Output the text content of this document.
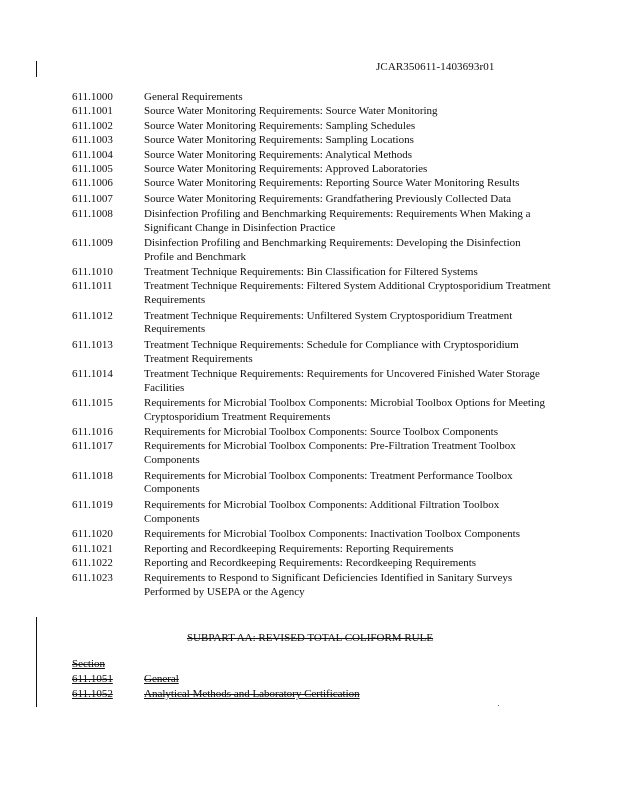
JCAR350611-1403693r01
611.1000	General Requirements
611.1001	Source Water Monitoring Requirements: Source Water Monitoring
611.1002	Source Water Monitoring Requirements: Sampling Schedules
611.1003	Source Water Monitoring Requirements: Sampling Locations
611.1004	Source Water Monitoring Requirements: Analytical Methods
611.1005	Source Water Monitoring Requirements: Approved Laboratories
611.1006	Source Water Monitoring Requirements: Reporting Source Water Monitoring Results
611.1007	Source Water Monitoring Requirements: Grandfathering Previously Collected Data
611.1008	Disinfection Profiling and Benchmarking Requirements: Requirements When Making a Significant Change in Disinfection Practice
611.1009	Disinfection Profiling and Benchmarking Requirements: Developing the Disinfection Profile and Benchmark
611.1010	Treatment Technique Requirements: Bin Classification for Filtered Systems
611.1011	Treatment Technique Requirements: Filtered System Additional Cryptosporidium Treatment Requirements
611.1012	Treatment Technique Requirements: Unfiltered System Cryptosporidium Treatment Requirements
611.1013	Treatment Technique Requirements: Schedule for Compliance with Cryptosporidium Treatment Requirements
611.1014	Treatment Technique Requirements: Requirements for Uncovered Finished Water Storage Facilities
611.1015	Requirements for Microbial Toolbox Components: Microbial Toolbox Options for Meeting Cryptosporidium Treatment Requirements
611.1016	Requirements for Microbial Toolbox Components: Source Toolbox Components
611.1017	Requirements for Microbial Toolbox Components: Pre-Filtration Treatment Toolbox Components
611.1018	Requirements for Microbial Toolbox Components: Treatment Performance Toolbox Components
611.1019	Requirements for Microbial Toolbox Components: Additional Filtration Toolbox Components
611.1020	Requirements for Microbial Toolbox Components: Inactivation Toolbox Components
611.1021	Reporting and Recordkeeping Requirements: Reporting Requirements
611.1022	Reporting and Recordkeeping Requirements: Recordkeeping Requirements
611.1023	Requirements to Respond to Significant Deficiencies Identified in Sanitary Surveys Performed by USEPA or the Agency
SUBPART AA: REVISED TOTAL COLIFORM RULE
Section
611.1051	General
611.1052	Analytical Methods and Laboratory Certification
